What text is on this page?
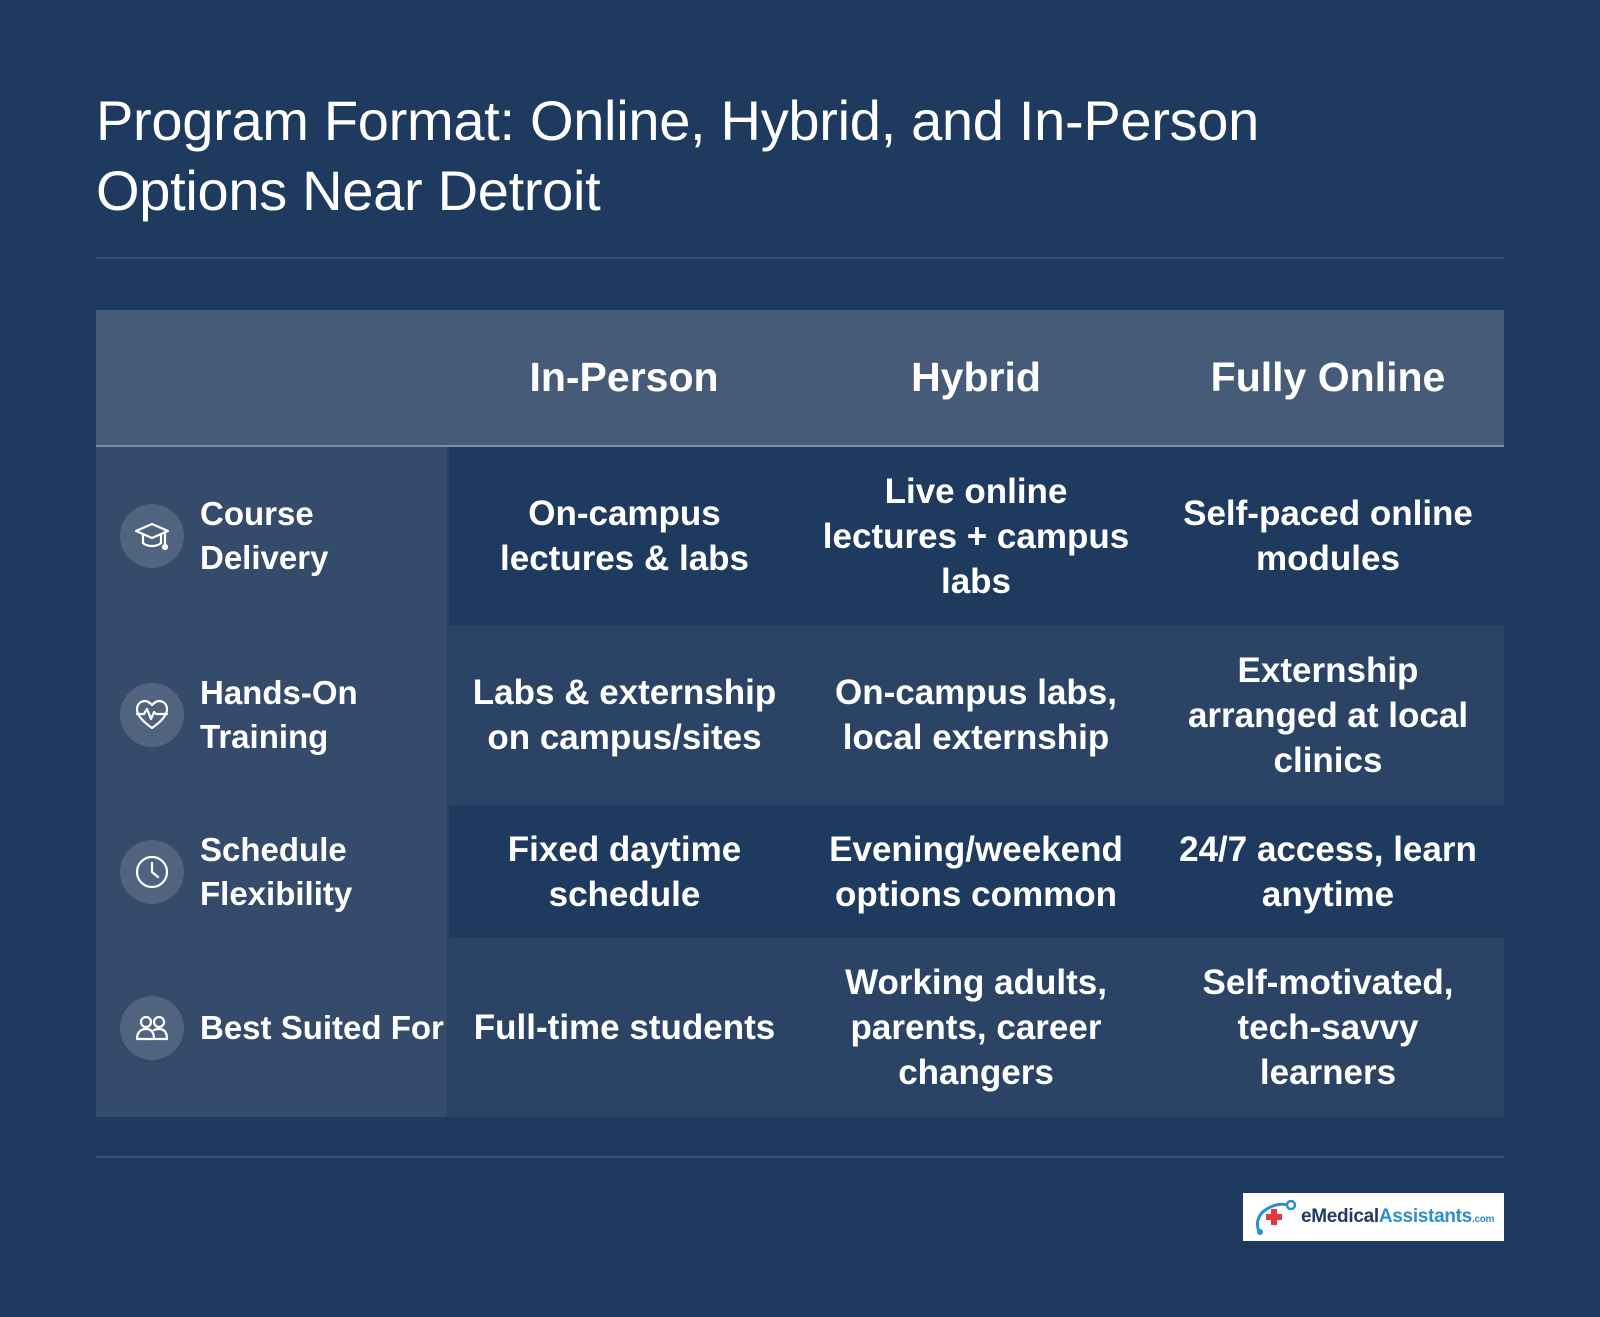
Program Format: Online, Hybrid, and In-Person Options Near Detroit
	In-Person	Hybrid	Fully Online

Course Delivery	On-campus lectures & labs	Live online lectures + campus labs	Self-paced online modules

Hands-On Training	Labs & externship on campus/sites	On-campus labs, local externship	Externship arranged at local clinics

Schedule Flexibility	Fixed daytime schedule	Evening/weekend options common	24/7 access, learn anytime

Best Suited For	Full-time students	Working adults, parents, career changers	Self-motivated, tech-savvy learners
eMedicalAssistants.com
